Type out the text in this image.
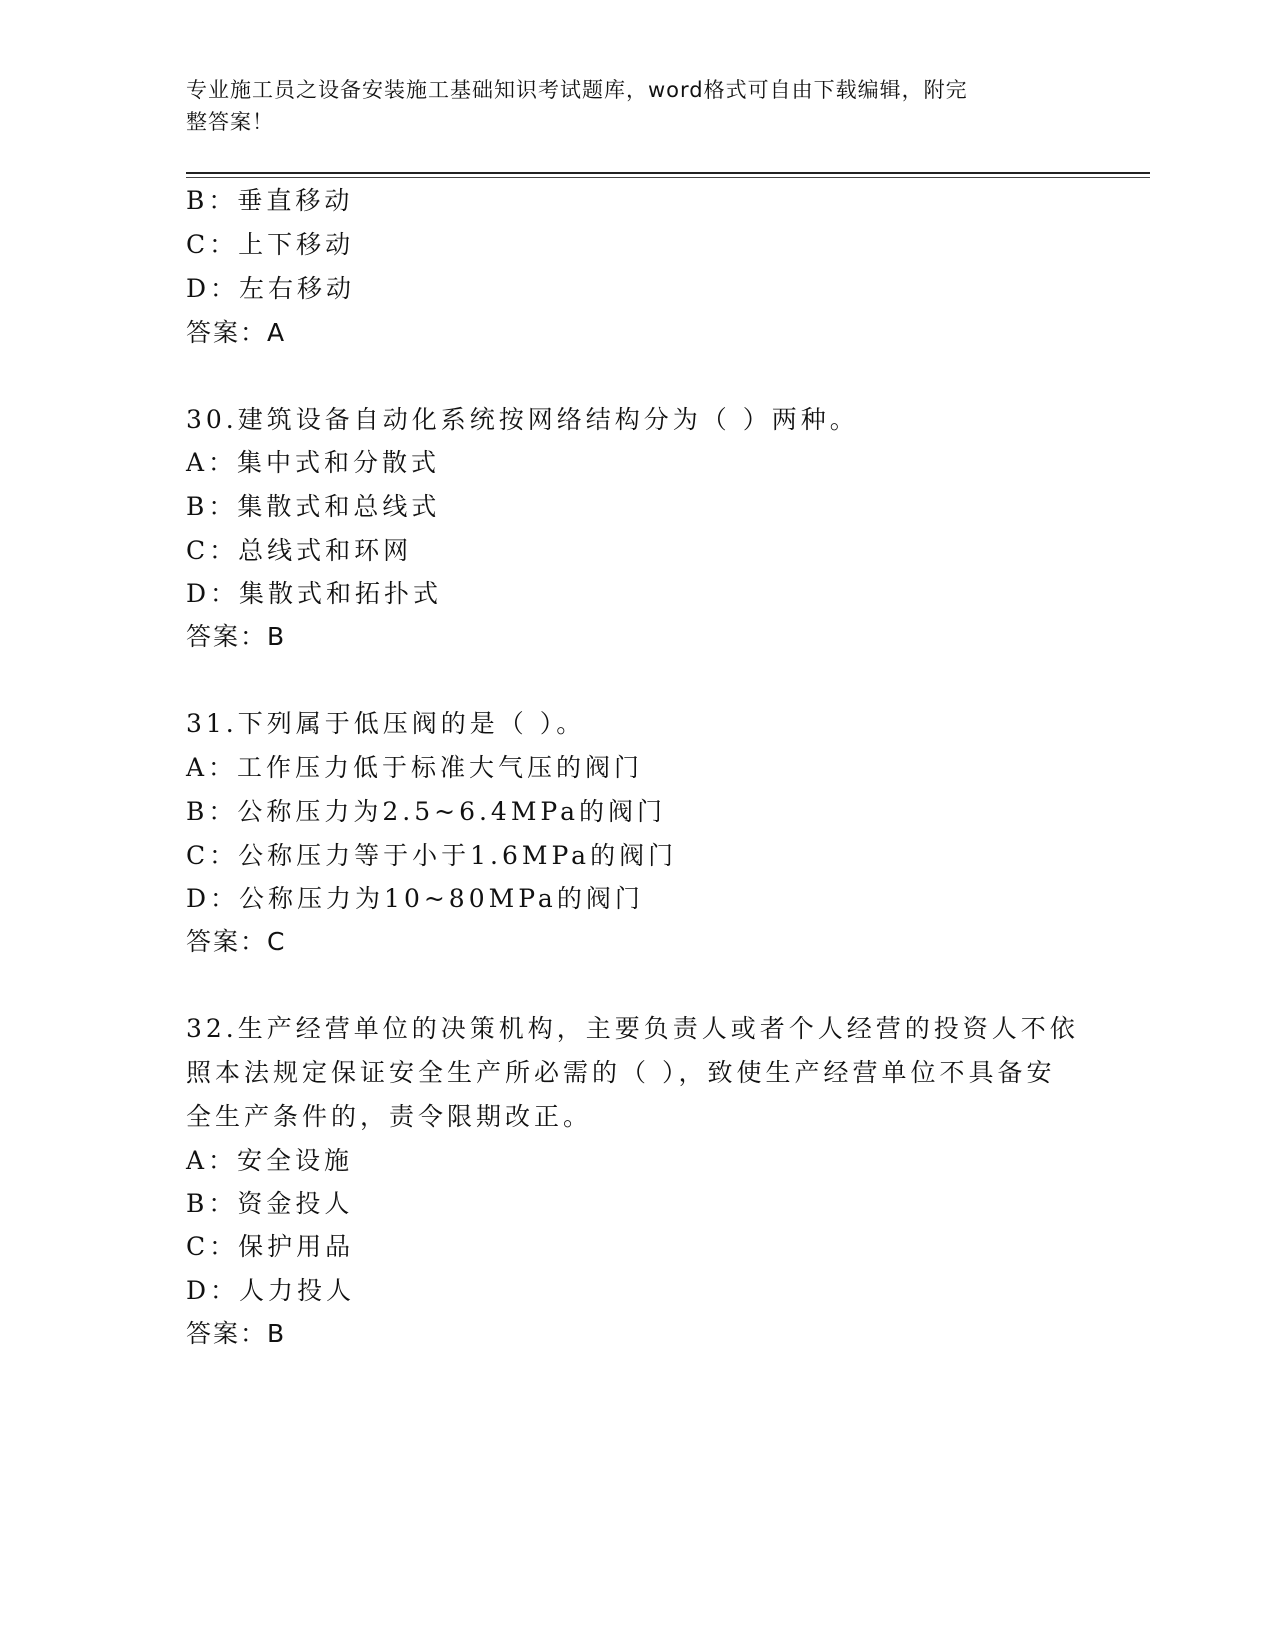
专业施工员之设备安装施工基础知识考试题库，word格式可自由下载编辑，附完
整答案！
B：垂直移动
C：上下移动
D：左右移动
答案：A
30.建筑设备自动化系统按网络结构分为（ ）两种。
A：集中式和分散式
B：集散式和总线式
C：总线式和环网
D：集散式和拓扑式
答案：B
31.下列属于低压阀的是（ ）。
A：工作压力低于标准大气压的阀门
B：公称压力为2.5~6.4MPa的阀门
C：公称压力等于小于1.6MPa的阀门
D：公称压力为10~80MPa的阀门
答案：C
32.生产经营单位的决策机构，主要负责人或者个人经营的投资人不依
照本法规定保证安全生产所必需的（ ），致使生产经营单位不具备安
全生产条件的，责令限期改正。
A：安全设施
B：资金投人
C：保护用品
D：人力投人
答案：B
